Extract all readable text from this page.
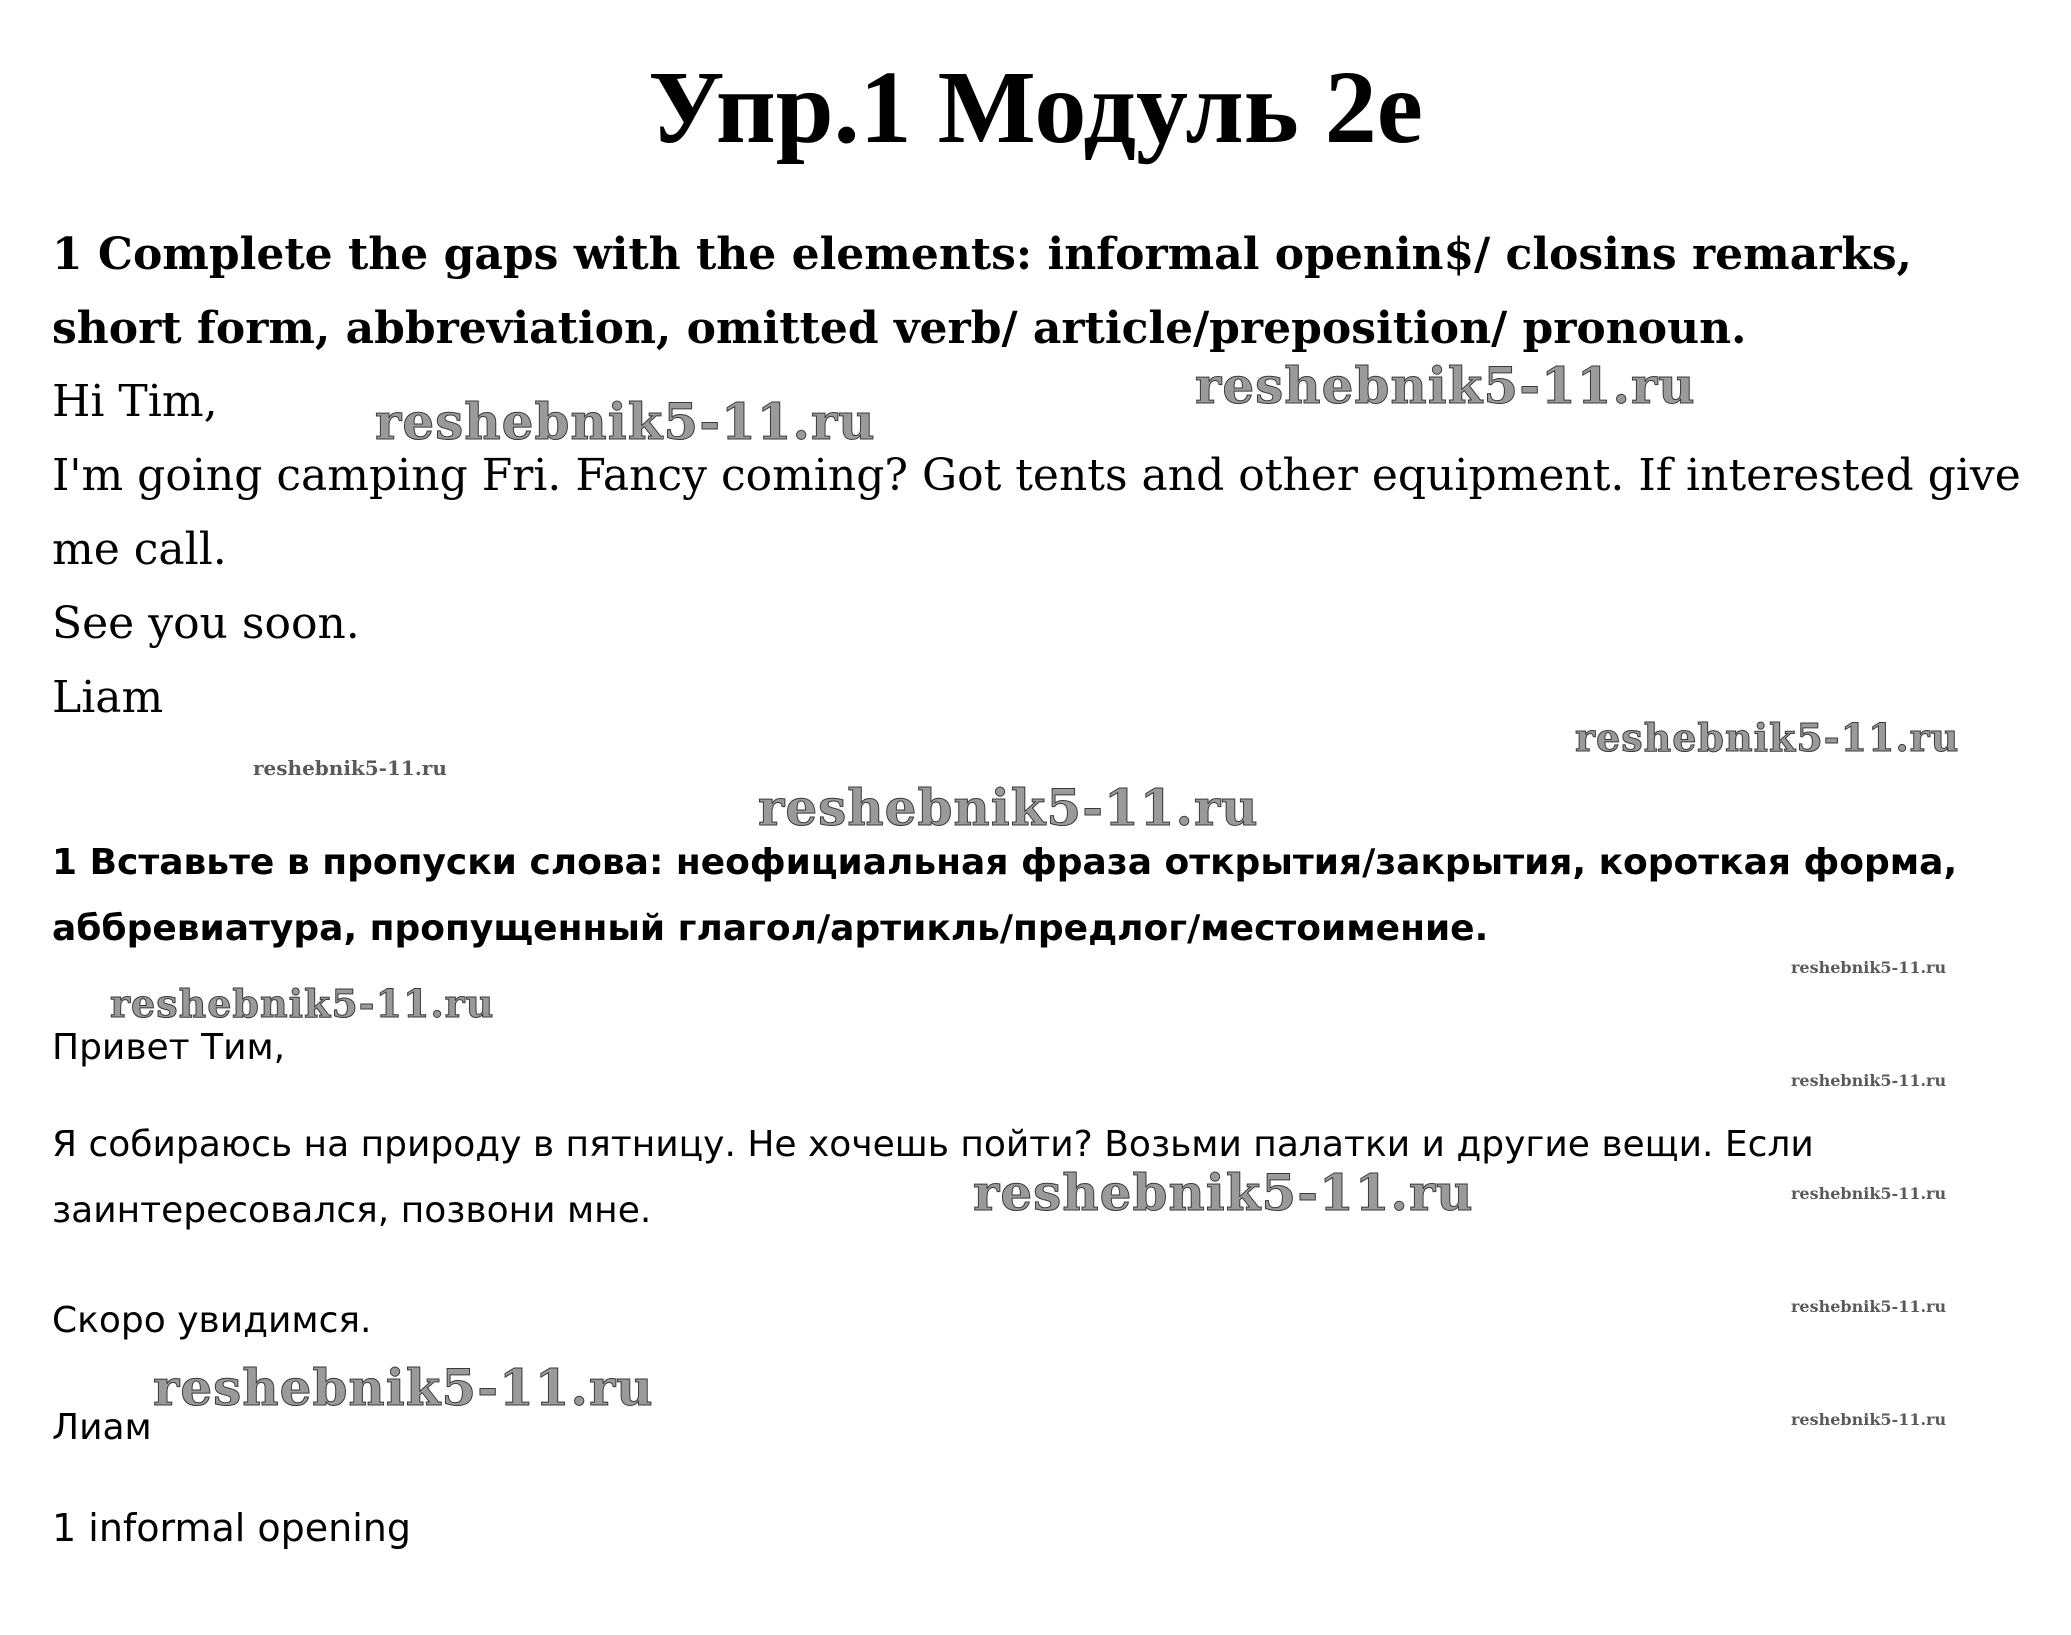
Упр.1 Модуль 2е

1 Complete the gaps with the elements: informal openin$/ closins remarks, short form, abbreviation, omitted verb/ article/preposition/ pronoun.

Hi Tim,

I'm going camping Fri. Fancy coming? Got tents and other equipment. If interested give me call.

See you soon.

Liam

1 Вставьте в пропуски слова: неофициальная фраза открытия/закрытия, короткая форма, аббревиатура, пропущенный глагол/артикль/предлог/местоимение.

Привет Тим,

Я собираюсь на природу в пятницу. Не хочешь пойти? Возьми палатки и другие вещи. Если заинтересовался, позвони мне.

Скоро увидимся.

Лиам

1 informal opening

reshebnik5-11.ru
reshebnik5-11.ru
reshebnik5-11.ru
reshebnik5-11.ru
reshebnik5-11.ru
reshebnik5-11.ru
reshebnik5-11.ru
reshebnik5-11.ru
reshebnik5-11.ru	reshebnik5-11.ru
reshebnik5-11.ru
reshebnik5-11.ru
reshebnik5-11.ru
